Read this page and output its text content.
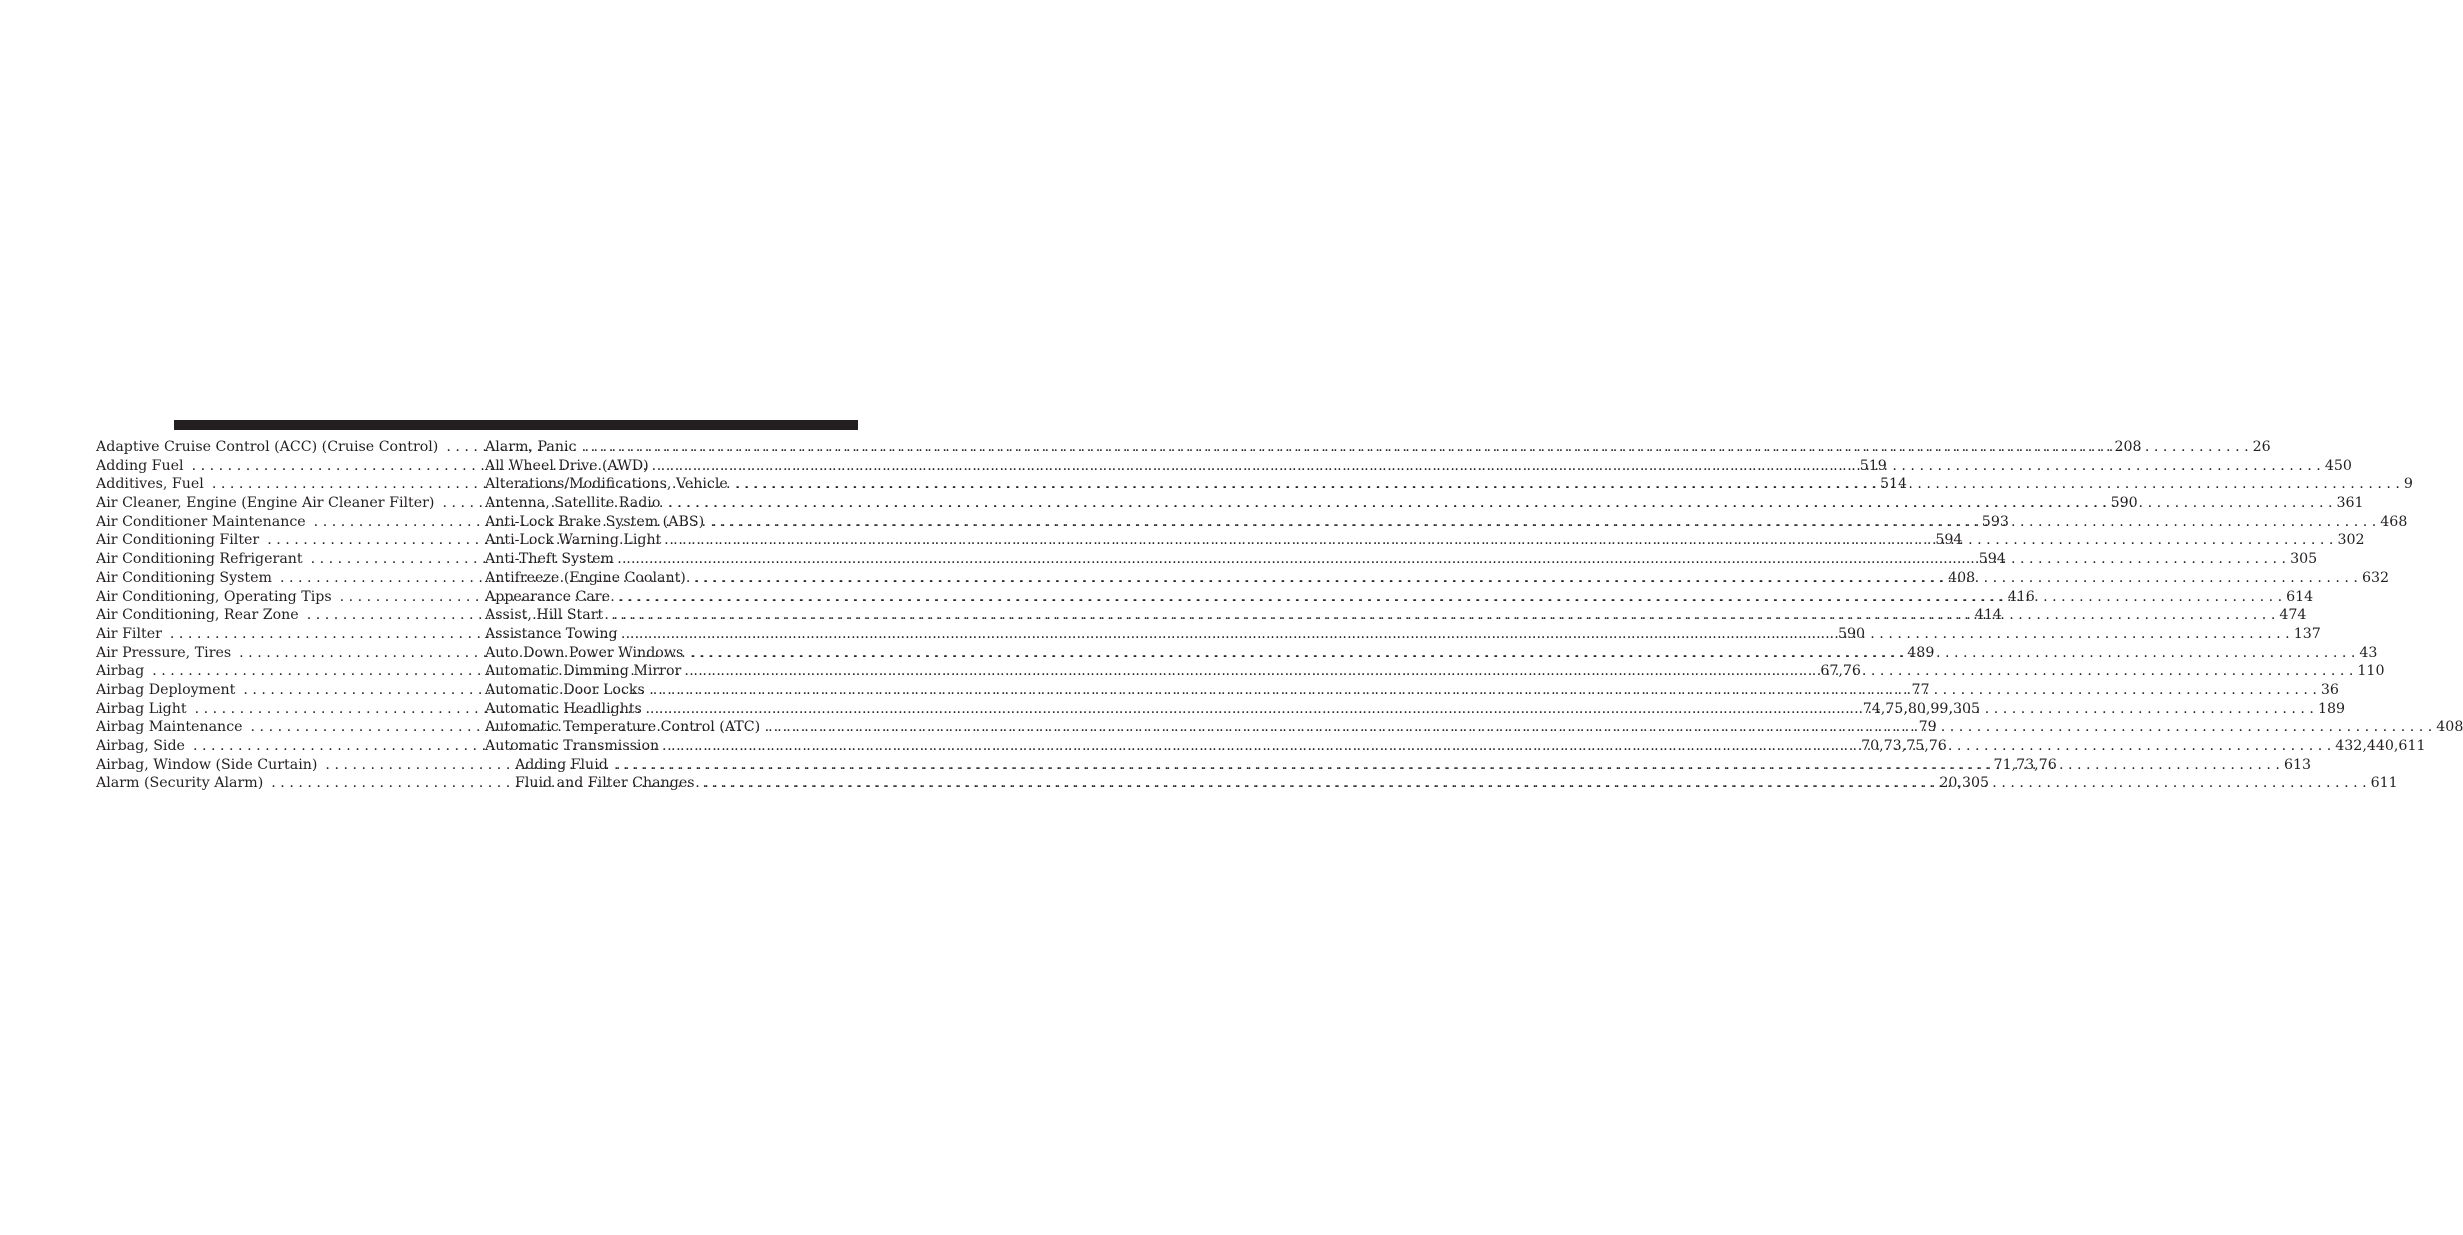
Adaptive Cruise Control (ACC) (Cruise Control) . . .	208
Adding Fuel . . .	519
Additives, Fuel . . .	514
Air Cleaner, Engine (Engine Air Cleaner Filter) . . .	590
Air Conditioner Maintenance . . .	593
Air Conditioning Filter . . .	594
Air Conditioning Refrigerant . . .	594
Air Conditioning System . . .	408
Air Conditioning, Operating Tips . . .	416
Air Conditioning, Rear Zone . . .	414
Air Filter . . .	590
Air Pressure, Tires . . .	489
Airbag . . .	67,76
Airbag Deployment . . .	77
Airbag Light . . .	74,75,80,99,305
Airbag Maintenance . . .	79
Airbag, Side . . .	70,73,75,76
Airbag, Window (Side Curtain) . . .	71,73,76
Alarm (Security Alarm) . . .	20,305
Alarm, Panic . . .	26
All Wheel Drive (AWD) . . .	450
Alterations/Modifications, Vehicle . . .	9
Antenna, Satellite Radio . . .	361
Anti-Lock Brake System (ABS) . . .	468
Anti-Lock Warning Light . . .	302
Anti-Theft System . . .	305
Antifreeze (Engine Coolant) . . .	632
Appearance Care . . .	614
Assist, Hill Start . . .	474
Assistance Towing . . .	137
Auto Down Power Windows . . .	43
Automatic Dimming Mirror . . .	110
Automatic Door Locks . . .	36
Automatic Headlights . . .	189
Automatic Temperature Control (ATC) . . .	408
Automatic Transmission . . .	432,440,611
Adding Fluid . . .	613
Fluid and Filter Changes . . .	611
